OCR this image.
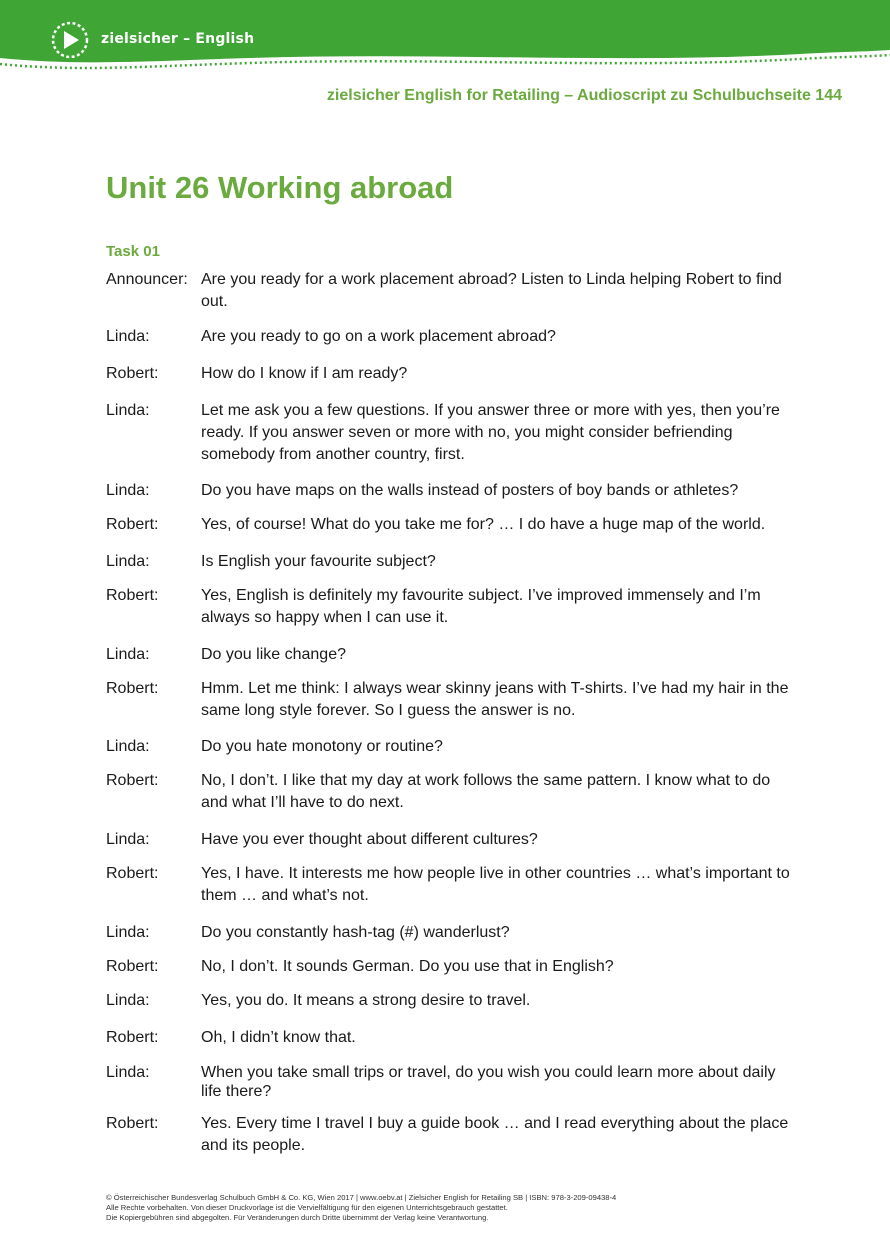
zielsicher – English
zielsicher English for Retailing – Audioscript zu Schulbuchseite 144
Unit 26 Working abroad
Task 01
Announcer: Are you ready for a work placement abroad? Listen to Linda helping Robert to find out.
Linda:	Are you ready to go on a work placement abroad?
Robert:	How do I know if I am ready?
Linda:	Let me ask you a few questions. If you answer three or more with yes, then you’re ready. If you answer seven or more with no, you might consider befriending somebody from another country, first.
Linda:	Do you have maps on the walls instead of posters of boy bands or athletes?
Robert:	Yes, of course! What do you take me for? … I do have a huge map of the world.
Linda:	Is English your favourite subject?
Robert:	Yes, English is definitely my favourite subject. I’ve improved immensely and I’m always so happy when I can use it.
Linda:	Do you like change?
Robert:	Hmm. Let me think: I always wear skinny jeans with T-shirts. I’ve had my hair in the same long style forever. So I guess the answer is no.
Linda:	Do you hate monotony or routine?
Robert:	No, I don’t. I like that my day at work follows the same pattern. I know what to do and what I’ll have to do next.
Linda:	Have you ever thought about different cultures?
Robert:	Yes, I have. It interests me how people live in other countries … what’s important to them … and what’s not.
Linda:	Do you constantly hash-tag (#) wanderlust?
Robert:	No, I don’t. It sounds German. Do you use that in English?
Linda:	Yes, you do. It means a strong desire to travel.
Robert:	Oh, I didn’t know that.
Linda:	When you take small trips or travel, do you wish you could learn more about daily life there?
Robert:	Yes. Every time I travel I buy a guide book … and I read everything about the place and its people.
© Österreichischer Bundesverlag Schulbuch GmbH & Co. KG, Wien 2017 | www.oebv.at | Zielsicher English for Retailing SB | ISBN: 978-3-209-09438-4
Alle Rechte vorbehalten. Von dieser Druckvorlage ist die Vervielfältigung für den eigenen Unterrichtsgebrauch gestattet.
Die Kopiergebühren sind abgegolten. Für Veränderungen durch Dritte übernimmt der Verlag keine Verantwortung.
